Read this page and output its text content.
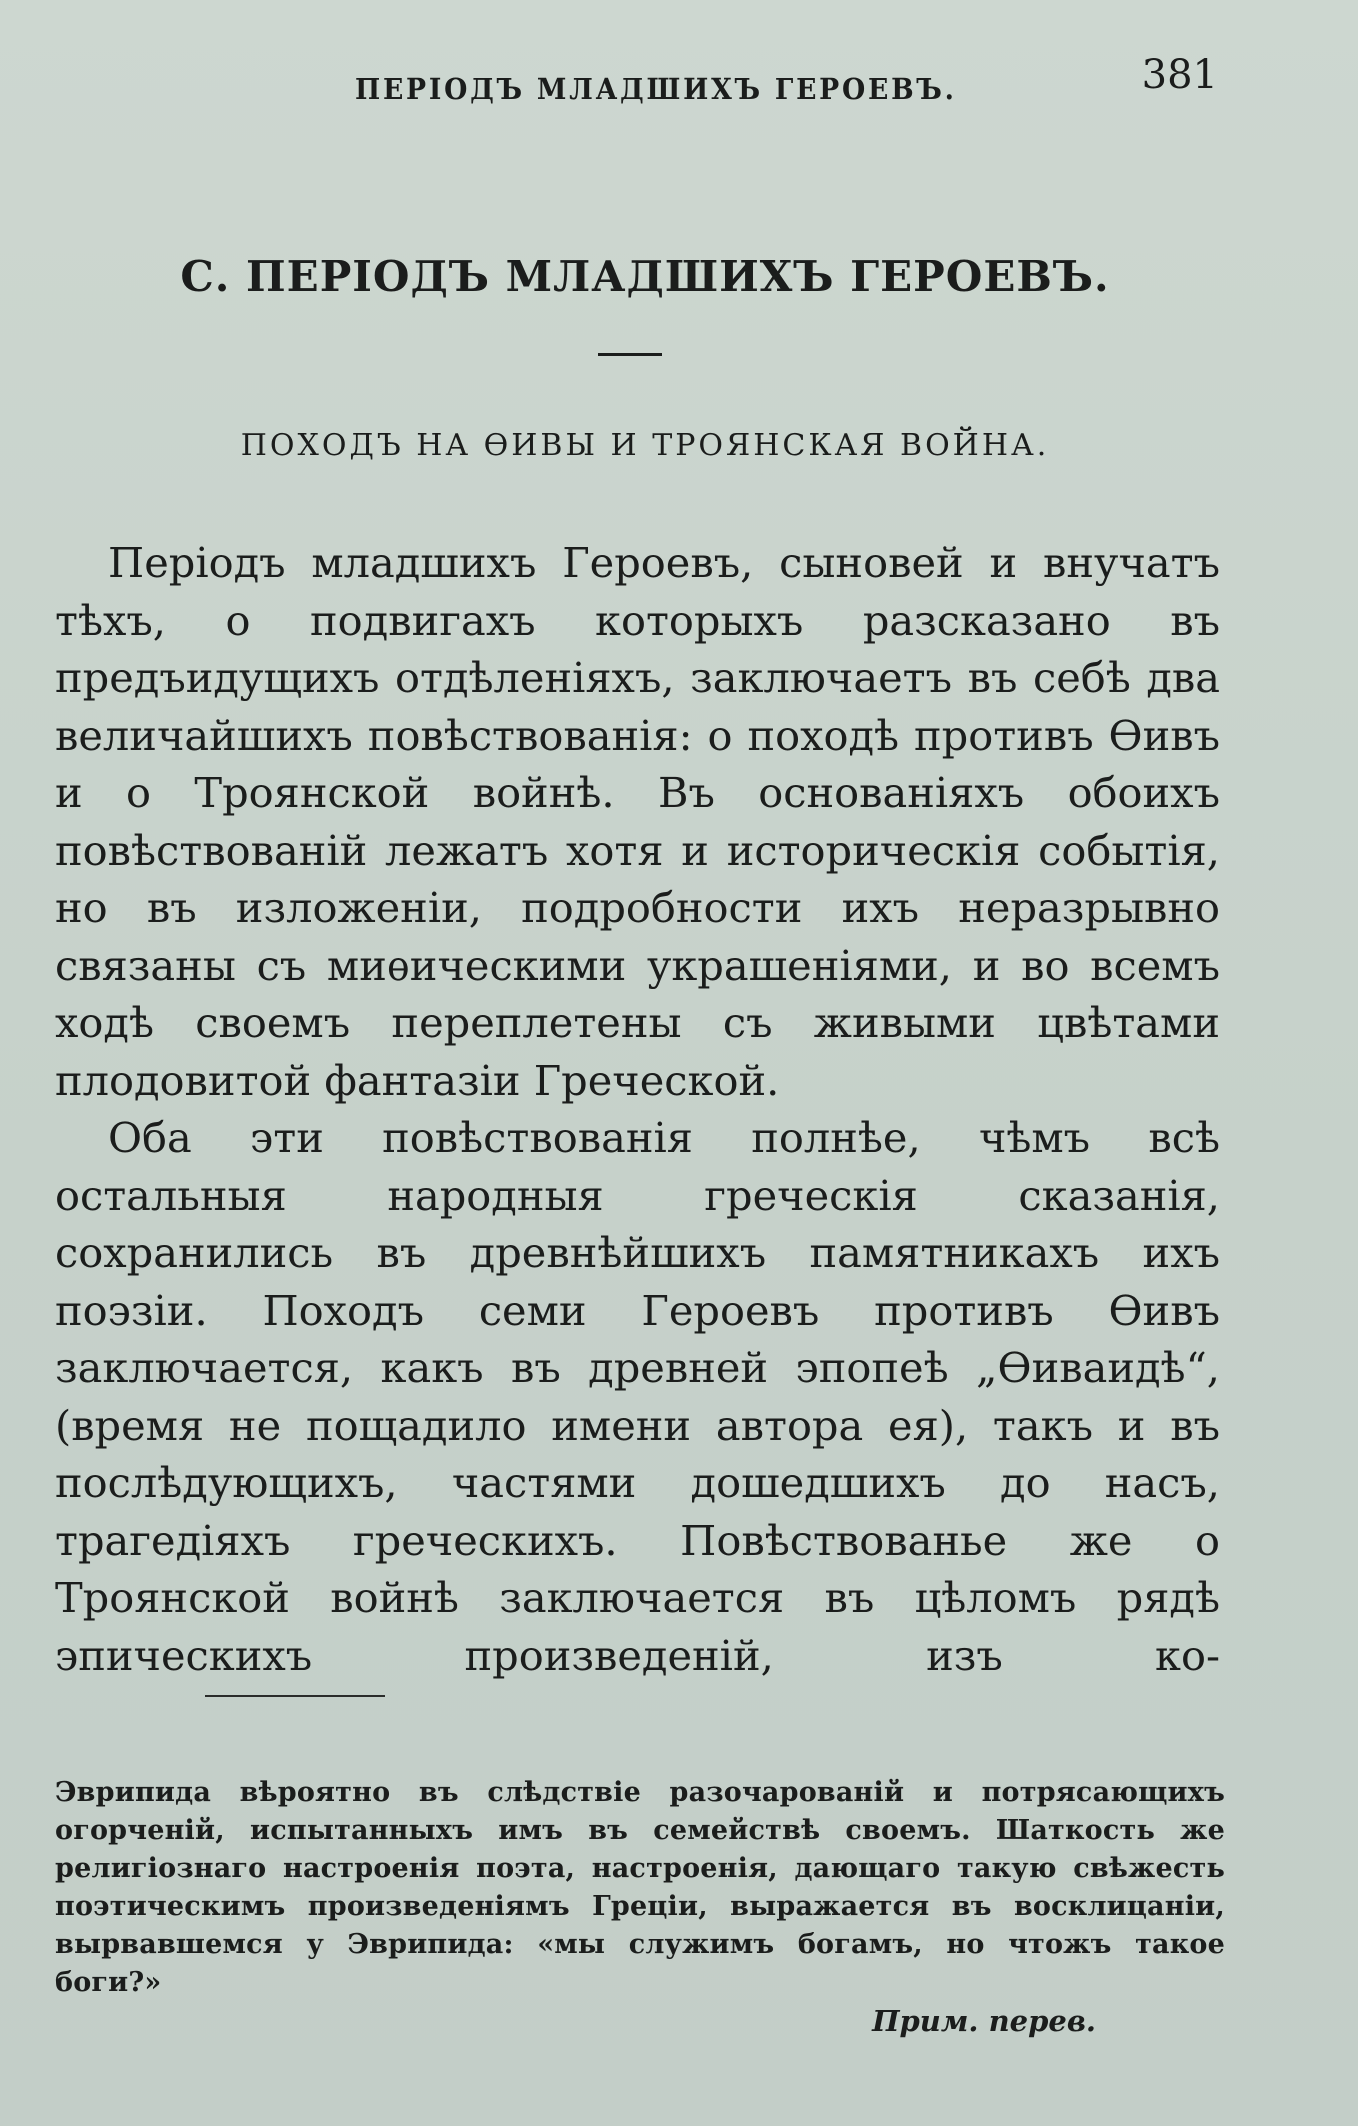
ПЕРІОДЪ МЛАДШИХЪ ГЕРОЕВЪ.	381
С. ПЕРІОДЪ МЛАДШИХЪ ГЕРОЕВЪ.
ПОХОДЪ НА ѲИВЫ И ТРОЯНСКАЯ ВОЙНА.

Періодъ младшихъ Героевъ, сыновей и внучатъ тѣхъ, о подвигахъ которыхъ разсказано въ предъидущихъ отдѣленіяхъ, заключаетъ въ себѣ два величайшихъ повѣствованія: о походѣ противъ Ѳивъ и о Троянской войнѣ. Въ основаніяхъ обоихъ повѣствованій лежатъ хотя и историческія событія, но въ изложеніи, подробности ихъ неразрывно связаны съ миѳическими украшеніями, и во всемъ ходѣ своемъ переплетены съ живыми цвѣтами плодовитой фантазіи Греческой.

Оба эти повѣствованія полнѣе, чѣмъ всѣ остальныя народныя греческія сказанія, сохранились въ древнѣйшихъ памятникахъ ихъ поэзіи. Походъ семи Героевъ противъ Ѳивъ заключается, какъ въ древней эпопеѣ „Ѳиваидѣ“, (время не пощадило имени автора ея), такъ и въ послѣдующихъ, частями дошедшихъ до насъ, трагедіяхъ греческихъ. Повѣствованье же о Троянской войнѣ заключается въ цѣломъ рядѣ эпическихъ произведеній, изъ ко-

Эврипида вѣроятно въ слѣдствіе разочарованій и потрясающихъ огорченій, испытанныхъ имъ въ семействѣ своемъ. Шаткость же религіознаго настроенія поэта, настроенія, дающаго такую свѣжесть поэтическимъ произведеніямъ Греціи, выражается въ восклицаніи, вырвавшемся у Эврипида: «мы служимъ богамъ, но чтожъ такое боги?»
Прим. перев.
